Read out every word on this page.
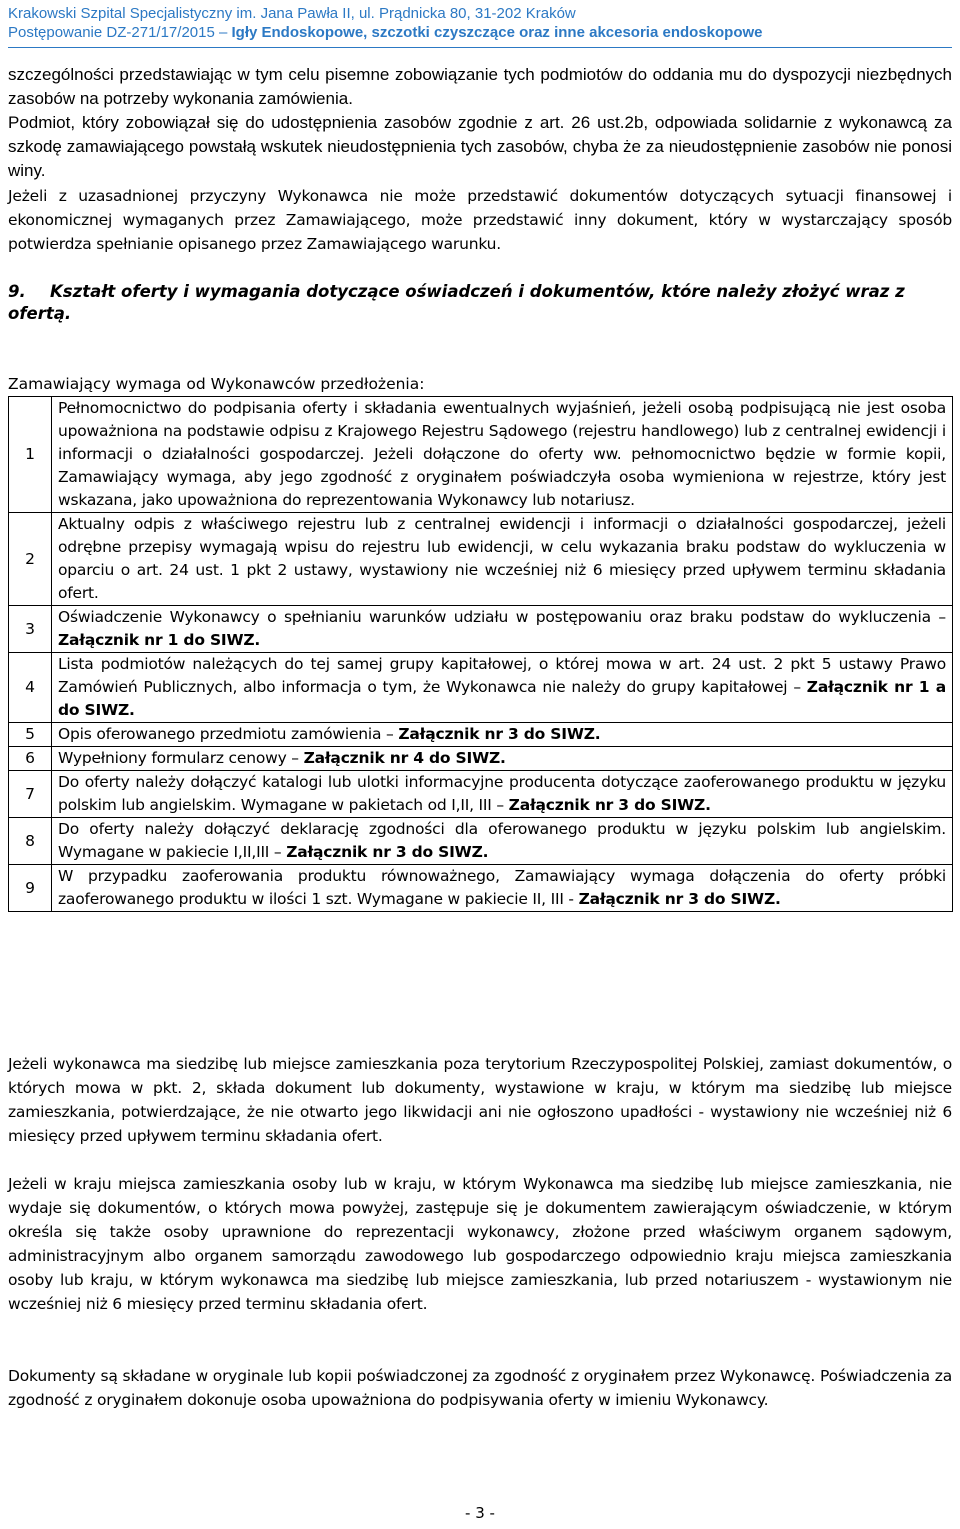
Krakowski Szpital Specjalistyczny im. Jana Pawła II, ul. Prądnicka 80, 31-202 Kraków
Postępowanie DZ-271/17/2015 – Igły Endoskopowe, szczotki czyszczące oraz inne akcesoria endoskopowe

szczególności przedstawiając w tym celu pisemne zobowiązanie tych podmiotów do oddania mu do dyspozycji niezbędnych zasobów na potrzeby wykonania zamówienia.

Podmiot, który zobowiązał się do udostępnienia zasobów zgodnie z art. 26 ust.2b, odpowiada solidarnie z wykonawcą za szkodę zamawiającego powstałą wskutek nieudostępnienia tych zasobów, chyba że za nieudostępnienie zasobów nie ponosi winy.

Jeżeli z uzasadnionej przyczyny Wykonawca nie może przedstawić dokumentów dotyczących sytuacji finansowej i ekonomicznej wymaganych przez Zamawiającego, może przedstawić inny dokument, który w wystarczający sposób potwierdza spełnianie opisanego przez Zamawiającego warunku.

9. Kształt oferty i wymagania dotyczące oświadczeń i dokumentów, które należy złożyć wraz z ofertą.
Zamawiający wymaga od Wykonawców przedłożenia:
1	Pełnomocnictwo do podpisania oferty i składania ewentualnych wyjaśnień, jeżeli osobą podpisującą nie jest osoba upoważniona na podstawie odpisu z Krajowego Rejestru Sądowego (rejestru handlowego) lub z centralnej ewidencji i informacji o działalności gospodarczej. Jeżeli dołączone do oferty ww. pełnomocnictwo będzie w formie kopii, Zamawiający wymaga, aby jego zgodność z oryginałem poświadczyła osoba wymieniona w rejestrze, który jest wskazana, jako upoważniona do reprezentowania Wykonawcy lub notariusz.
2	Aktualny odpis z właściwego rejestru lub z centralnej ewidencji i informacji o działalności gospodarczej, jeżeli odrębne przepisy wymagają wpisu do rejestru lub ewidencji, w celu wykazania braku podstaw do wykluczenia w oparciu o art. 24 ust. 1 pkt 2 ustawy, wystawiony nie wcześniej niż 6 miesięcy przed upływem terminu składania ofert.
3	Oświadczenie Wykonawcy o spełnianiu warunków udziału w postępowaniu oraz braku podstaw do wykluczenia – Załącznik nr 1 do SIWZ.
4	Lista podmiotów należących do tej samej grupy kapitałowej, o której mowa w art. 24 ust. 2 pkt 5 ustawy Prawo Zamówień Publicznych, albo informacja o tym, że Wykonawca nie należy do grupy kapitałowej – Załącznik nr 1 a do SIWZ.
5	Opis oferowanego przedmiotu zamówienia – Załącznik nr 3 do SIWZ.
6	Wypełniony formularz cenowy – Załącznik nr 4 do SIWZ.
7	Do oferty należy dołączyć katalogi lub ulotki informacyjne producenta dotyczące zaoferowanego produktu w języku polskim lub angielskim. Wymagane w pakietach od I,II, III – Załącznik nr 3 do SIWZ.
8	Do oferty należy dołączyć deklarację zgodności dla oferowanego produktu w języku polskim lub angielskim. Wymagane w pakiecie I,II,III – Załącznik nr 3 do SIWZ.
9	W przypadku zaoferowania produktu równoważnego, Zamawiający wymaga dołączenia do oferty próbki zaoferowanego produktu w ilości 1 szt. Wymagane w pakiecie II, III - Załącznik nr 3 do SIWZ.

Jeżeli wykonawca ma siedzibę lub miejsce zamieszkania poza terytorium Rzeczypospolitej Polskiej, zamiast dokumentów, o których mowa w pkt. 2, składa dokument lub dokumenty, wystawione w kraju, w którym ma siedzibę lub miejsce zamieszkania, potwierdzające, że nie otwarto jego likwidacji ani nie ogłoszono upadłości - wystawiony nie wcześniej niż 6 miesięcy przed upływem terminu składania ofert.

Jeżeli w kraju miejsca zamieszkania osoby lub w kraju, w którym Wykonawca ma siedzibę lub miejsce zamieszkania, nie wydaje się dokumentów, o których mowa powyżej, zastępuje się je dokumentem zawierającym oświadczenie, w którym określa się także osoby uprawnione do reprezentacji wykonawcy, złożone przed właściwym organem sądowym, administracyjnym albo organem samorządu zawodowego lub gospodarczego odpowiednio kraju miejsca zamieszkania osoby lub kraju, w którym wykonawca ma siedzibę lub miejsce zamieszkania, lub przed notariuszem - wystawionym nie wcześniej niż 6 miesięcy przed terminu składania ofert.

Dokumenty są składane w oryginale lub kopii poświadczonej za zgodność z oryginałem przez Wykonawcę. Poświadczenia za zgodność z oryginałem dokonuje osoba upoważniona do podpisywania oferty w imieniu Wykonawcy.

- 3 -
